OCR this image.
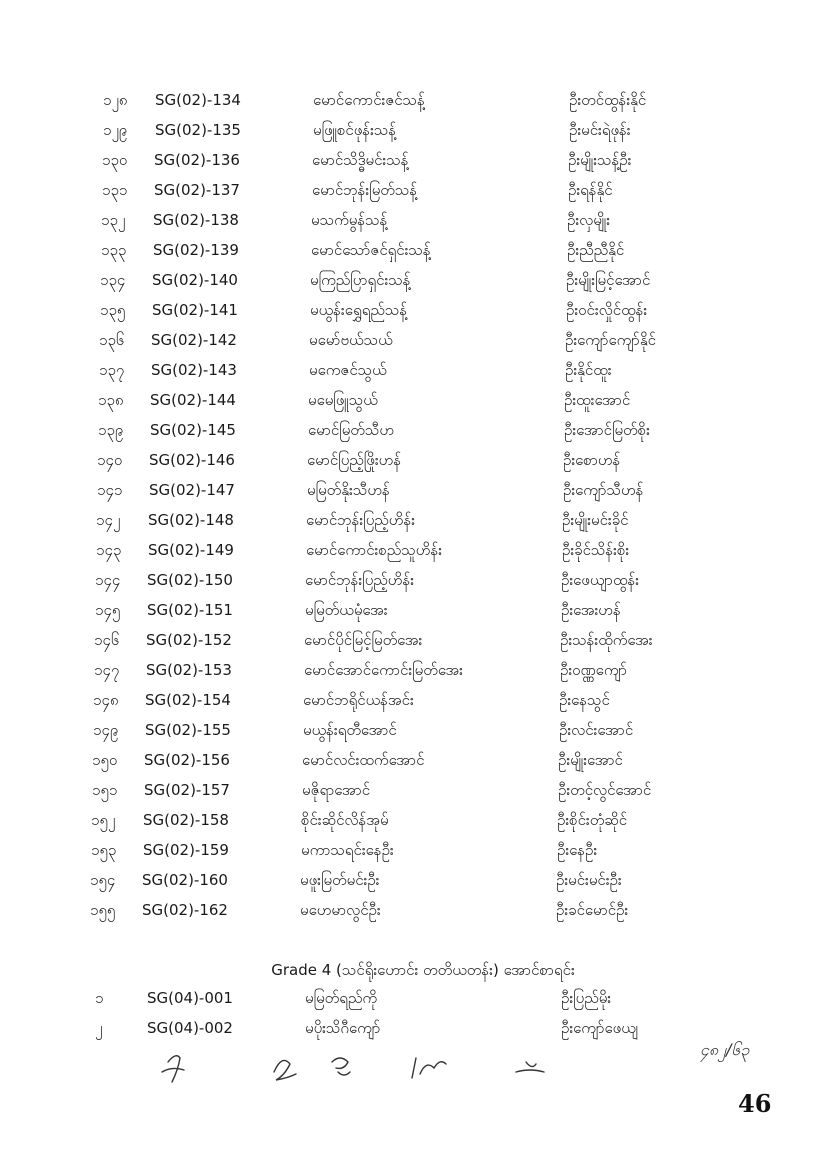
၁၂၈	SG(02)-134	မောင်ကောင်းဇင်သန့်	ဦးတင်ထွန်းနိုင်
၁၂၉	SG(02)-135	မဖြူစင်ဖုန်းသန့်	ဦးမင်းရဲဖုန်း
၁၃၀	SG(02)-136	မောင်သိဒ္ဓိမင်းသန့်	ဦးမျိုးသန့်ဦး
၁၃၁	SG(02)-137	မောင်ဘုန်းမြတ်သန့်	ဦးရန်နိုင်
၁၃၂	SG(02)-138	မသက်မွန်သန့်	ဦးလှမျိုး
၁၃၃	SG(02)-139	မောင်သော်ဇင်ရှင်းသန့်	ဦးညီညီနိုင်
၁၃၄	SG(02)-140	မကြည်ပြာရှင်းသန့်	ဦးမျိုးမြင့်အောင်
၁၃၅	SG(02)-141	မယွန်းရွှေရည်သန့်	ဦးဝင်းလှိုင်ထွန်း
၁၃၆	SG(02)-142	မမော်ဗယ်သယ်	ဦးကျော်ကျော်နိုင်
၁၃၇	SG(02)-143	မကေဇင်သွယ်	ဦးနိုင်ထူး
၁၃၈	SG(02)-144	မမေဖြူသွယ်	ဦးထူးအောင်
၁၃၉	SG(02)-145	မောင်မြတ်သီဟ	ဦးအောင်မြတ်စိုး
၁၄၀	SG(02)-146	မောင်ပြည့်ဖြိုးဟန်	ဦးစောဟန်
၁၄၁	SG(02)-147	မမြတ်နိုးသီဟန်	ဦးကျော်သီဟန်
၁၄၂	SG(02)-148	မောင်ဘုန်းပြည့်ဟိန်း	ဦးမျိုးမင်းခိုင်
၁၄၃	SG(02)-149	မောင်ကောင်းစည်သူဟိန်း	ဦးခိုင်သိန်းစိုး
၁၄၄	SG(02)-150	မောင်ဘုန်းပြည့်ဟိန်း	ဦးဖေယျာထွန်း
၁၄၅	SG(02)-151	မမြတ်ယမုံအေး	ဦးအေးဟန်
၁၄၆	SG(02)-152	မောင်ပိုင်မြင့်မြတ်အေး	ဦးသန်းထိုက်အေး
၁၄၇	SG(02)-153	မောင်အောင်ကောင်းမြတ်အေး	ဦးဝဏ္ဏကျော်
၁၄၈	SG(02)-154	မောင်ဘရိုင်ယန်အင်း	ဦးနေသွင်
၁၄၉	SG(02)-155	မယွန်းရတီအောင်	ဦးလင်းအောင်
၁၅၀	SG(02)-156	မောင်လင်းထက်အောင်	ဦးမျိုးအောင်
၁၅၁	SG(02)-157	မဇိုရာအောင်	ဦးတင့်လွင်အောင်
၁၅၂	SG(02)-158	စိုင်းဆိုင်လိန်အုမ်	ဦးစိုင်းတုံဆိုင်
၁၅၃	SG(02)-159	မကာသရင်းနေဦး	ဦးနေဦး
၁၅၄	SG(02)-160	မဖူးမြတ်မင်းဦး	ဦးမင်းမင်းဦး
၁၅၅	SG(02)-162	မဟေမာလွင်ဦး	ဦးခင်မောင်ဦး
Grade 4 (သင်ရိုးဟောင်း တတိယတန်း) အောင်စာရင်း
၁	SG(04)-001	မမြတ်ရည်ကို	ဦးပြည်မိုး
၂	SG(04)-002	မပိုးသိဂီကျော်	ဦးကျော်ဖေယျ
၄၈၂/၆၃
46
